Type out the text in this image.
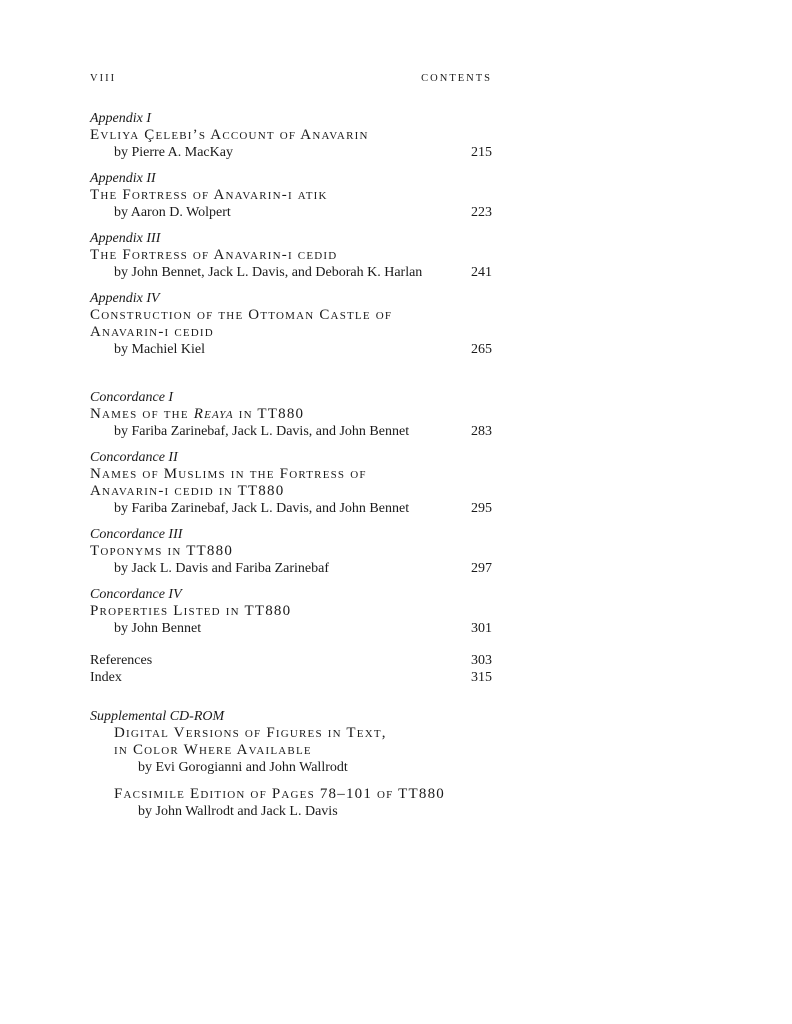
VIII	CONTENTS
Appendix I
Evliya Çelebi’s Account of Anavarin
by Pierre A. MacKay	215
Appendix II
The Fortress of Anavarin-i atik
by Aaron D. Wolpert	223
Appendix III
The Fortress of Anavarin-i cedid
by John Bennet, Jack L. Davis, and Deborah K. Harlan	241
Appendix IV
Construction of the Ottoman Castle of
Anavarin-i cedid
by Machiel Kiel	265
Concordance I
Names of the Reaya in TT880
by Fariba Zarinebaf, Jack L. Davis, and John Bennet	283
Concordance II
Names of Muslims in the Fortress of
Anavarin-i cedid in TT880
by Fariba Zarinebaf, Jack L. Davis, and John Bennet	295
Concordance III
Toponyms in TT880
by Jack L. Davis and Fariba Zarinebaf	297
Concordance IV
Properties Listed in TT880
by John Bennet	301
References	303
Index	315
Supplemental CD-ROM
Digital Versions of Figures in Text,
in Color Where Available
by Evi Gorogianni and John Wallrodt
Facsimile Edition of Pages 78–101 of TT880
by John Wallrodt and Jack L. Davis
